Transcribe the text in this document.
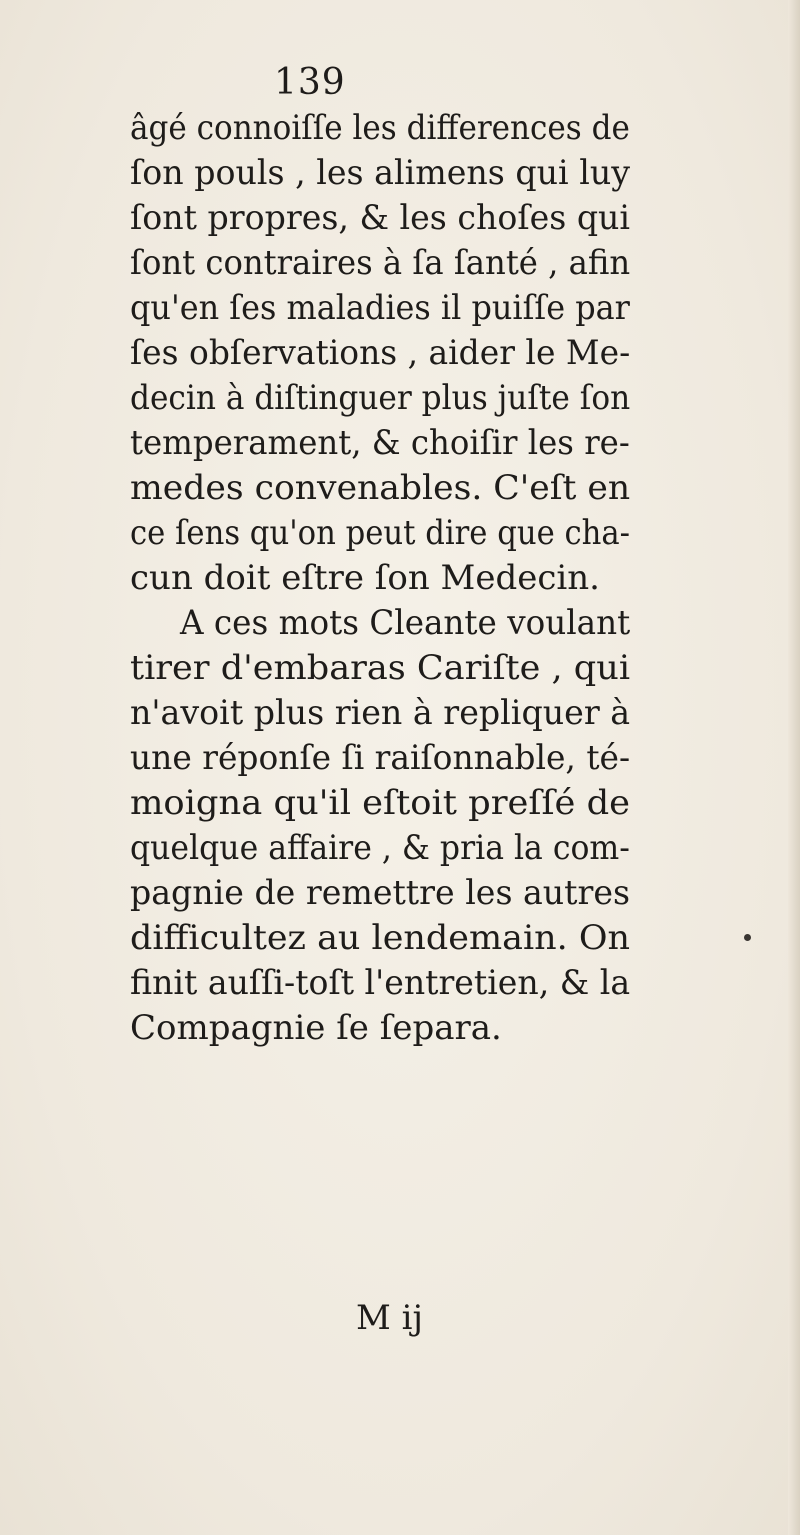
139
âgé connoiſſe les differences de
ſon pouls , les alimens qui luy
ſont propres, & les choſes qui
ſont contraires à ſa ſanté , afin
qu'en ſes maladies il puiſſe par
ſes obſervations , aider le Me-
decin à diſtinguer plus juſte ſon
temperament, & choiſir les re-
medes convenables. C'eſt en
ce ſens qu'on peut dire que cha-
cun doit eſtre ſon Medecin.
A ces mots Cleante voulant
tirer d'embaras Cariſte , qui
n'avoit plus rien à repliquer à
une réponſe ſi raiſonnable, té-
moigna qu'il eſtoit preſſé de
quelque affaire , & pria la com-
pagnie de remettre les autres
difficultez au lendemain. On
finit auſſi-toſt l'entretien, & la
Compagnie ſe ſepara.
M ij
